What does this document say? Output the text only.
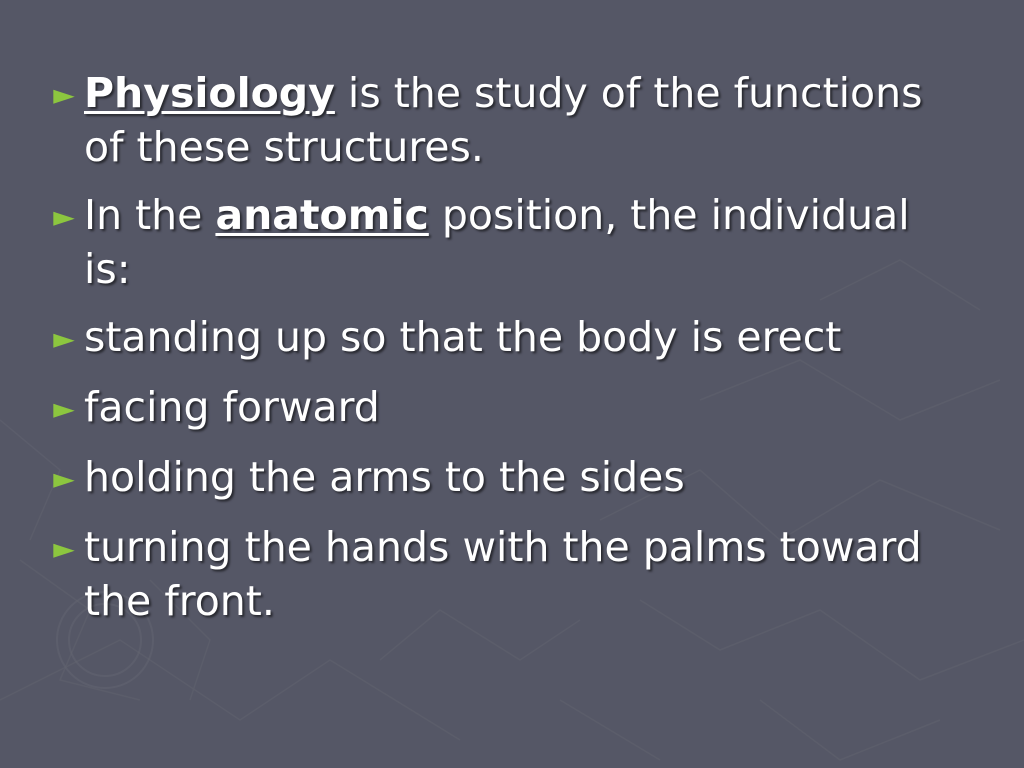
► Physiology is the study of the functions of these structures.
► In the anatomic position, the individual is:
► standing up so that the body is erect
► facing forward
► holding the arms to the sides
► turning the hands with the palms toward the front.
